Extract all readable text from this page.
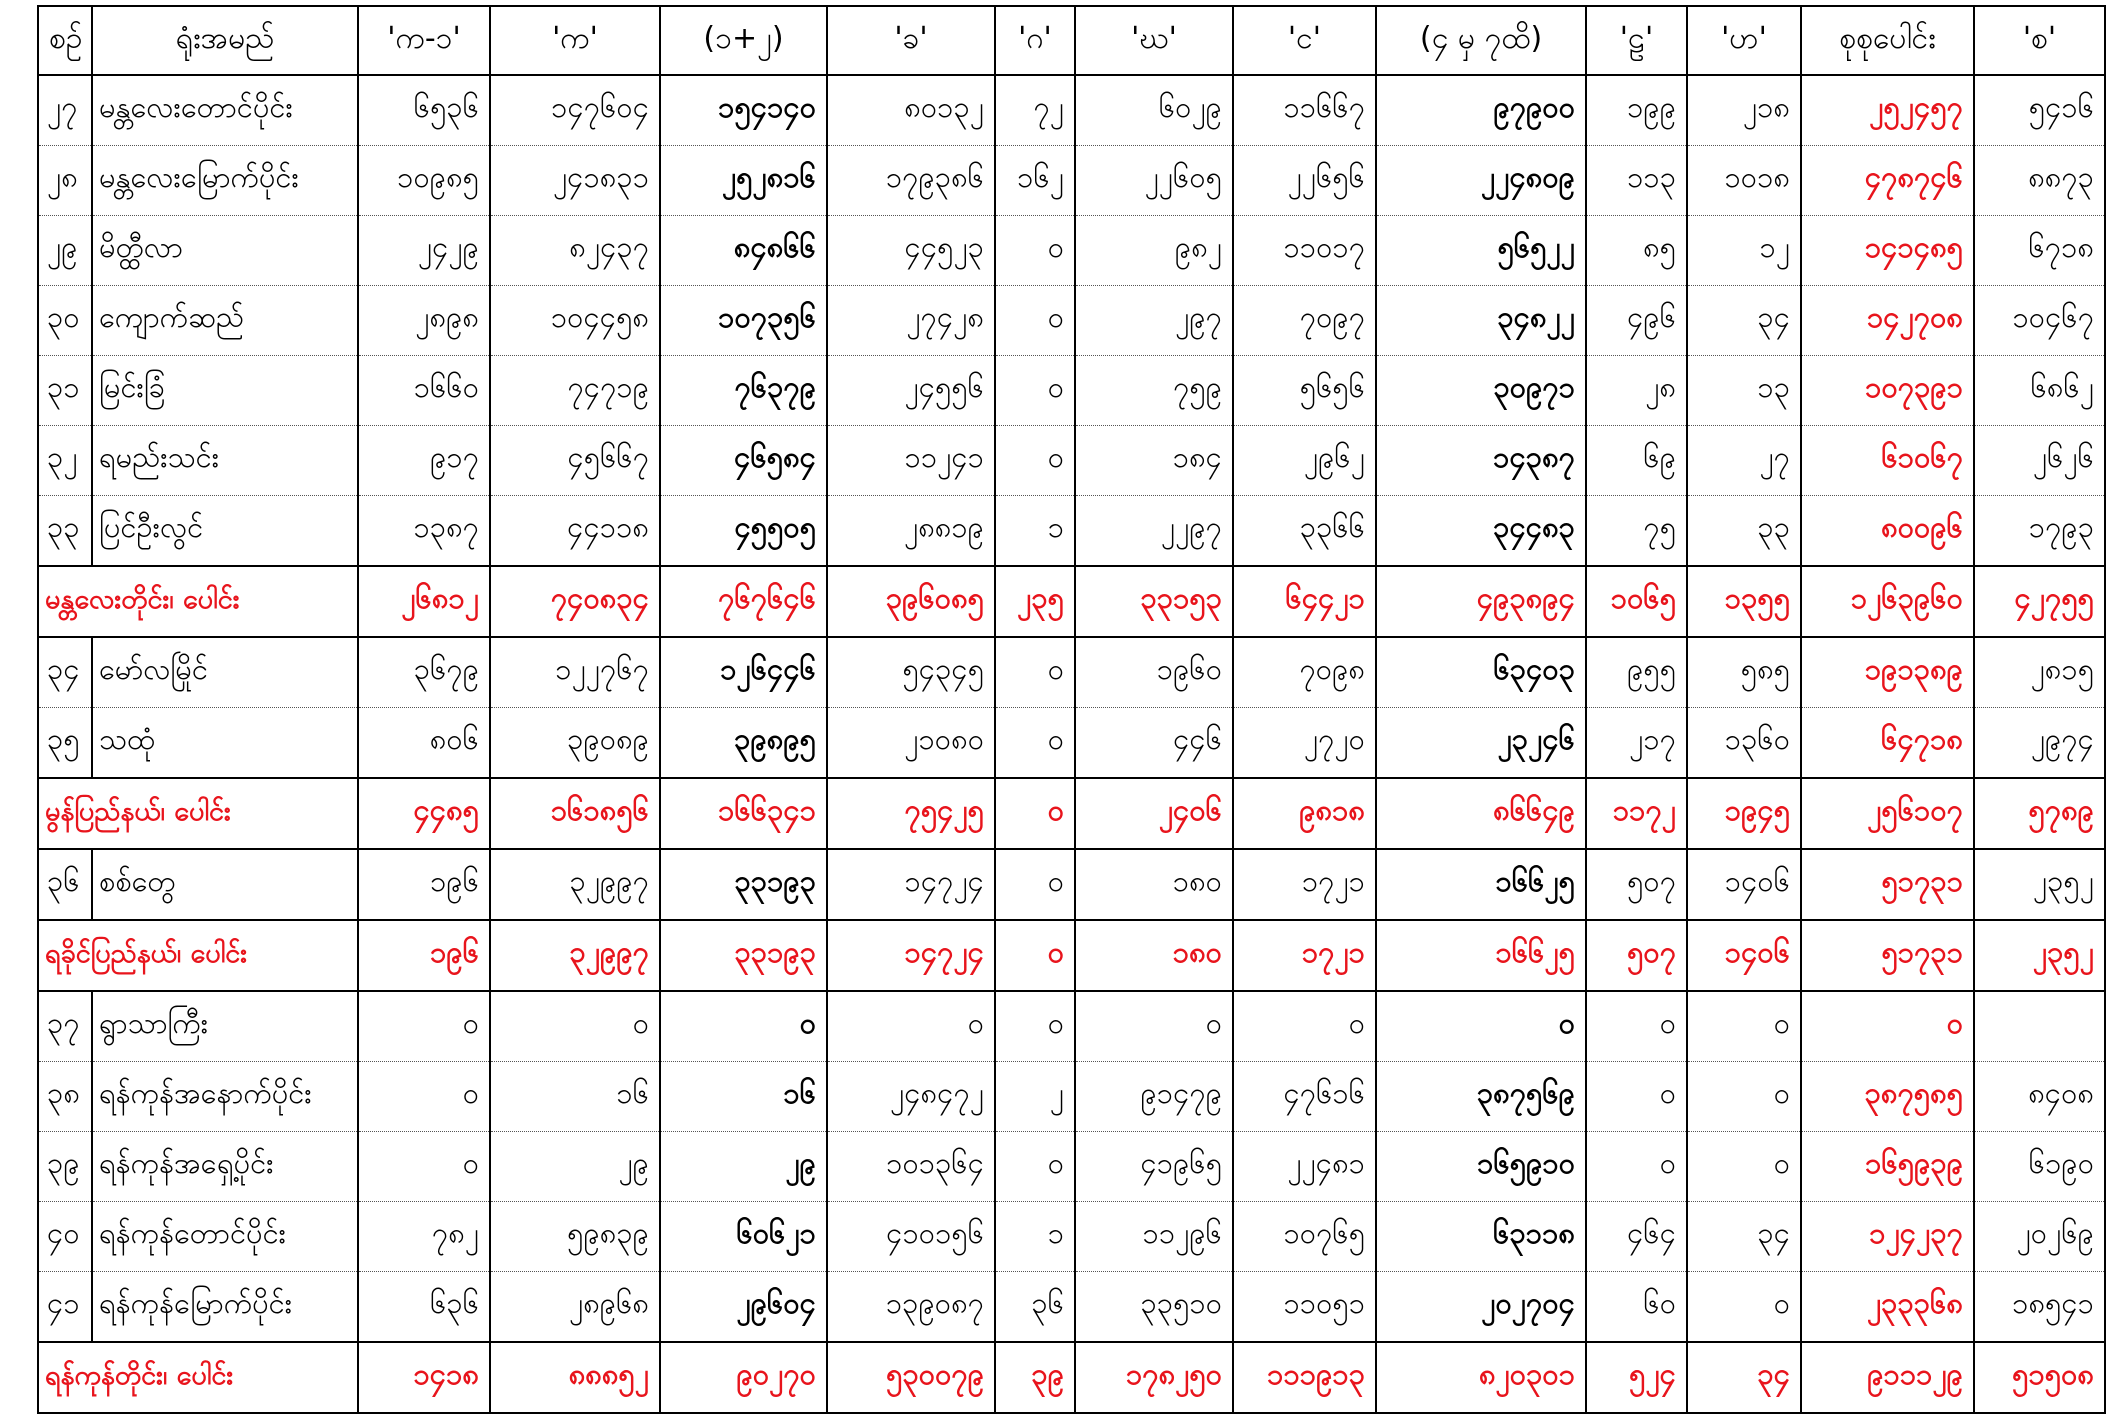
စဉ်	ရုံးအမည်	'က-၁'	'က'	(၁+၂)	'ခ'	'ဂ'	'ဃ'	'င'	(၄ မှ ၇ထိ)	'ဠ'	'ဟ'	စုစုပေါင်း	'စ'
၂၇	မန္တလေးတောင်ပိုင်း	၆၅၃၆	၁၄၇၆၀၄	၁၅၄၁၄၀	၈၀၁၃၂	၇၂	၆၀၂၉	၁၁၆၆၇	၉၇၉၀၀	၁၉၉	၂၁၈	၂၅၂၄၅၇	၅၄၁၆
၂၈	မန္တလေးမြောက်ပိုင်း	၁၀၉၈၅	၂၄၁၈၃၁	၂၅၂၈၁၆	၁၇၉၃၈၆	၁၆၂	၂၂၆၀၅	၂၂၆၅၆	၂၂၄၈၀၉	၁၁၃	၁၀၁၈	၄၇၈၇၄၆	၈၈၇၃
၂၉	မိတ္ထီလာ	၂၄၂၉	၈၂၄၃၇	၈၄၈၆၆	၄၄၅၂၃	၀	၉၈၂	၁၁၀၁၇	၅၆၅၂၂	၈၅	၁၂	၁၄၁၄၈၅	၆၇၁၈
၃၀	ကျောက်ဆည်	၂၈၉၈	၁၀၄၄၅၈	၁၀၇၃၅၆	၂၇၄၂၈	၀	၂၉၇	၇၀၉၇	၃၄၈၂၂	၄၉၆	၃၄	၁၄၂၇၀၈	၁၀၄၆၇
၃၁	မြင်းခြံ	၁၆၆၀	၇၄၇၁၉	၇၆၃၇၉	၂၄၅၅၆	၀	၇၅၉	၅၆၅၆	၃၀၉၇၁	၂၈	၁၃	၁၀၇၃၉၁	၆၈၆၂
၃၂	ရမည်းသင်း	၉၁၇	၄၅၆၆၇	၄၆၅၈၄	၁၁၂၄၁	၀	၁၈၄	၂၉၆၂	၁၄၃၈၇	၆၉	၂၇	၆၁၀၆၇	၂၆၂၆
၃၃	ပြင်ဦးလွင်	၁၃၈၇	၄၄၁၁၈	၄၅၅၀၅	၂၈၈၁၉	၁	၂၂၉၇	၃၃၆၆	၃၄၄၈၃	၇၅	၃၃	၈၀၀၉၆	၁၇၉၃
မန္တလေးတိုင်း၊ ပေါင်း		၂၆၈၁၂	၇၄၀၈၃၄	၇၆၇၆၄၆	၃၉၆၀၈၅	၂၃၅	၃၃၁၅၃	၆၄၄၂၁	၄၉၃၈၉၄	၁၀၆၅	၁၃၅၅	၁၂၆၃၉၆၀	၄၂၇၅၅
၃၄	မော်လမြိုင်	၃၆၇၉	၁၂၂၇၆၇	၁၂၆၄၄၆	၅၄၃၄၅	၀	၁၉၆၀	၇၀၉၈	၆၃၄၀၃	၉၅၅	၅၈၅	၁၉၁၃၈၉	၂၈၁၅
၃၅	သထုံ	၈၀၆	၃၉၀၈၉	၃၉၈၉၅	၂၁၀၈၀	၀	၄၄၆	၂၇၂၀	၂၃၂၄၆	၂၁၇	၁၃၆၀	၆၄၇၁၈	၂၉၇၄
မွန်ပြည်နယ်၊ ပေါင်း		၄၄၈၅	၁၆၁၈၅၆	၁၆၆၃၄၁	၇၅၄၂၅	၀	၂၄၀၆	၉၈၁၈	၈၆၆၄၉	၁၁၇၂	၁၉၄၅	၂၅၆၁၀၇	၅၇၈၉
၃၆	စစ်တွေ	၁၉၆	၃၂၉၉၇	၃၃၁၉၃	၁၄၇၂၄	၀	၁၈၀	၁၇၂၁	၁၆၆၂၅	၅၀၇	၁၄၀၆	၅၁၇၃၁	၂၃၅၂
ရခိုင်ပြည်နယ်၊ ပေါင်း		၁၉၆	၃၂၉၉၇	၃၃၁၉၃	၁၄၇၂၄	၀	၁၈၀	၁၇၂၁	၁၆၆၂၅	၅၀၇	၁၄၀၆	၅၁၇၃၁	၂၃၅၂
၃၇	ရွာသာကြီး	၀	၀	၀	၀	၀	၀	၀	၀	၀	၀	၀	
၃၈	ရန်ကုန်အနောက်ပိုင်း	၀	၁၆	၁၆	၂၄၈၄၇၂	၂	၉၁၄၇၉	၄၇၆၁၆	၃၈၇၅၆၉	၀	၀	၃၈၇၅၈၅	၈၄၀၈
၃၉	ရန်ကုန်အရှေ့ပိုင်း	၀	၂၉	၂၉	၁၀၁၃၆၄	၀	၄၁၉၆၅	၂၂၄၈၁	၁၆၅၉၁၀	၀	၀	၁၆၅၉၃၉	၆၁၉၀
၄၀	ရန်ကုန်တောင်ပိုင်း	၇၈၂	၅၉၈၃၉	၆၀၆၂၁	၄၁၀၁၅၆	၁	၁၁၂၉၆	၁၀၇၆၅	၆၃၁၁၈	၄၆၄	၃၄	၁၂၄၂၃၇	၂၀၂၆၉
၄၁	ရန်ကုန်မြောက်ပိုင်း	၆၃၆	၂၈၉၆၈	၂၉၆၀၄	၁၃၉၀၈၇	၃၆	၃၃၅၁၀	၁၁၀၅၁	၂၀၂၇၀၄	၆၀	၀	၂၃၃၃၆၈	၁၈၅၄၁
ရန်ကုန်တိုင်း၊ ပေါင်း		၁၄၁၈	၈၈၈၅၂	၉၀၂၇၀	၅၃၀၀၇၉	၃၉	၁၇၈၂၅၀	၁၁၁၉၁၃	၈၂၀၃၀၁	၅၂၄	၃၄	၉၁၁၁၂၉	၅၁၅၀၈
